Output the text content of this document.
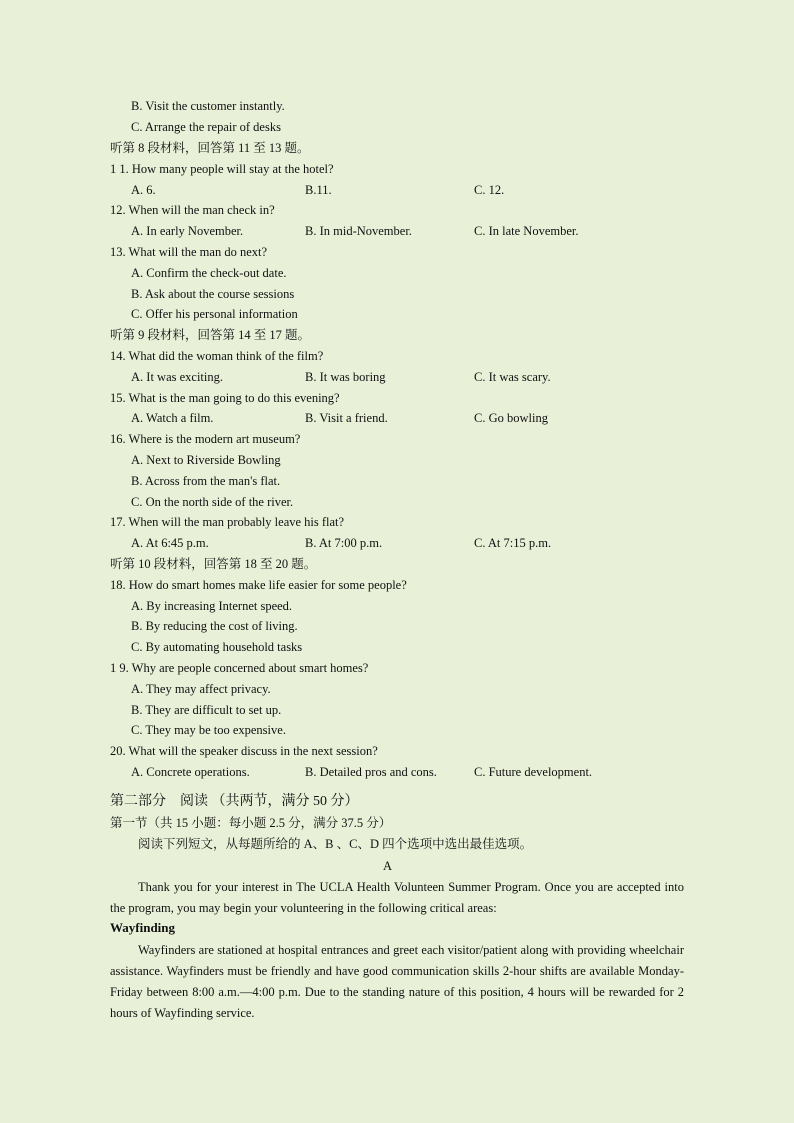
B. Visit the customer instantly.
C. Arrange the repair of desks
听第 8 段材料，回答第 11 至 13 题。
1 1. How many people will stay at the hotel?
A. 6.	B.11.	C. 12.
12. When will the man check in?
A. In early November.	B. In mid-November.	C. In late November.
13. What will the man do next?
A. Confirm the check-out date.
B. Ask about the course sessions
C. Offer his personal information
听第 9 段材料，回答第 14 至 17 题。
14. What did the woman think of the film?
A. It was exciting.	B. It was boring	C. It was scary.
15. What is the man going to do this evening?
A. Watch a film.	B. Visit a friend.	C. Go bowling
16. Where is the modern art museum?
A. Next to Riverside Bowling
B. Across from the man's flat.
C. On the north side of the river.
17. When will the man probably leave his flat?
A. At 6:45 p.m.	B. At 7:00 p.m.	C. At 7:15 p.m.
听第 10 段材料，回答第 18 至 20 题。
18. How do smart homes make life easier for some people?
A. By increasing Internet speed.
B. By reducing the cost of living.
C. By automating household tasks
1 9. Why are people concerned about smart homes?
A. They may affect privacy.
B. They are difficult to set up.
C. They may be too expensive.
20. What will the speaker discuss in the next session?
A. Concrete operations.	B. Detailed pros and cons.	C. Future development.
第二部分    阅读 （共两节，满分 50 分）
第一节（共 15 小题：每小题 2.5 分，满分 37.5 分）
阅读下列短文，从每题所给的 A、B 、C、D 四个选项中选出最佳选项。
A
Thank you for your interest in The UCLA Health Volunteen Summer Program. Once you are accepted into the program, you may begin your volunteering in the following critical areas:
Wayfinding
Wayfinders are stationed at hospital entrances and greet each visitor/patient along with providing wheelchair assistance. Wayfinders must be friendly and have good communication skills 2-hour shifts are available Monday-Friday between 8:00 a.m.—4:00 p.m. Due to the standing nature of this position, 4 hours will be rewarded for 2 hours of Wayfinding service.
